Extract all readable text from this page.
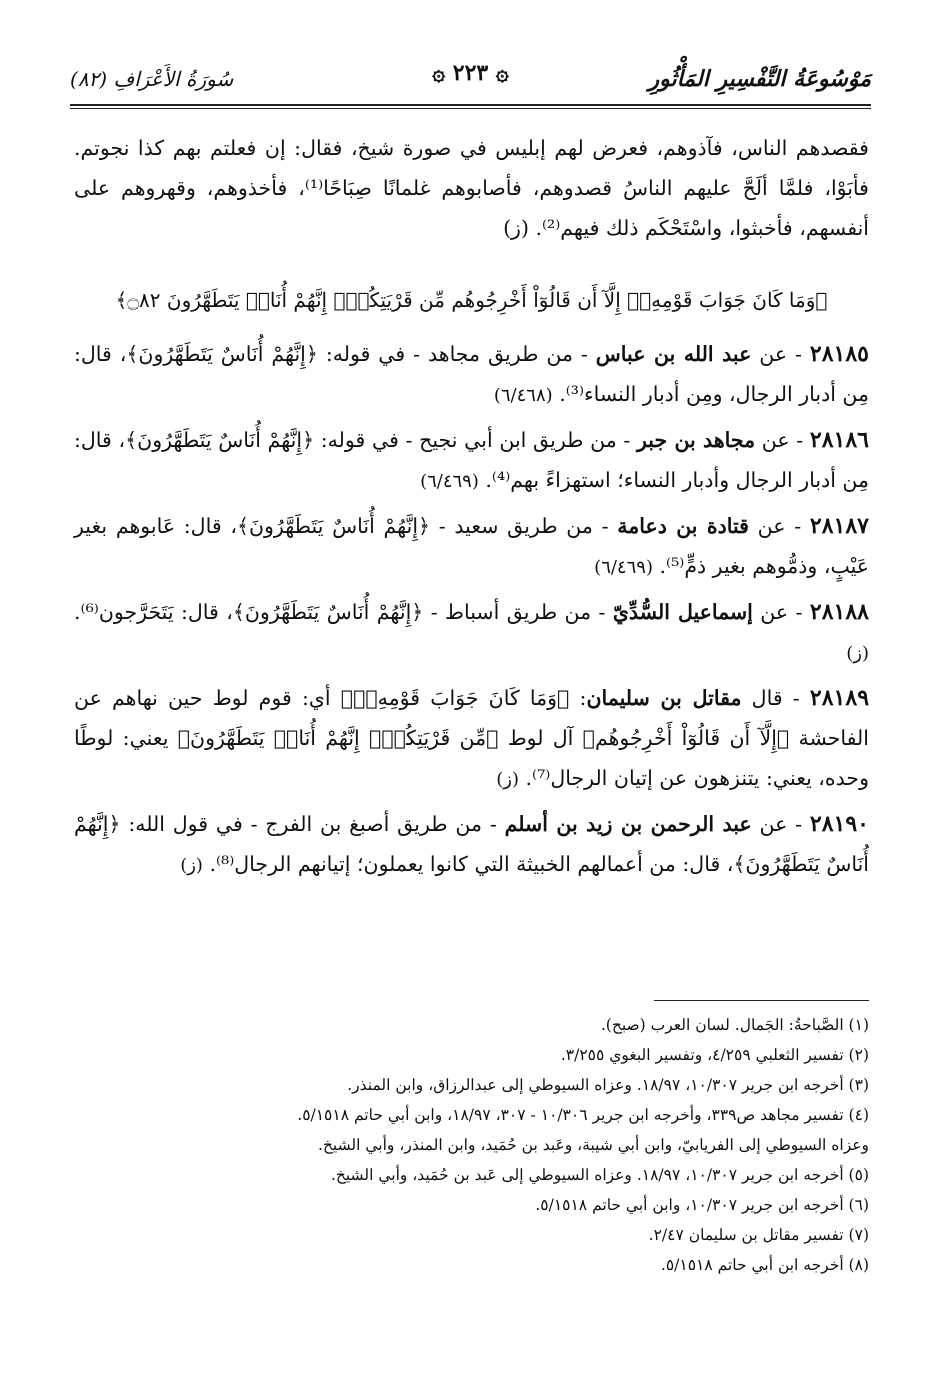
مَوْسُوعَةُ التَّفْسِيرِ المَأْثُورِ
۞ ٢٢٣ ۞
سُورَةُ الأَعْرَافِ (٨٢)

فقصدهم الناس، فآذوهم، فعرض لهم إبليس في صورة شيخ، فقال: إن فعلتم بهم كذا نجوتم. فأبَوْا، فلمَّا ألَحَّ عليهم الناسُ قصدوهم، فأصابوهم غلمانًا صِبَاحًا⁽¹⁾، فأخذوهم، وقهروهم على أنفسهم، فأخبثوا، واسْتَحْكَم ذلك فيهم⁽²⁾. (ز)

﴿وَمَا كَانَ جَوَابَ قَوْمِهِۦٓ إِلَّآ أَن قَالُوٓاْ أَخْرِجُوهُم مِّن قَرْيَتِكُمْۖ إِنَّهُمْ أُنَاسٞ يَتَطَهَّرُونَ ۝٨٢﴾

٢٨١٨٥ - عن عبد الله بن عباس - من طريق مجاهد - في قوله: ﴿إِنَّهُمْ أُنَاسٌ يَتَطَهَّرُونَ﴾، قال: مِن أدبار الرجال، ومِن أدبار النساء⁽³⁾. (٦/٤٦٨)

٢٨١٨٦ - عن مجاهد بن جبر - من طريق ابن أبي نجيح - في قوله: ﴿إِنَّهُمْ أُنَاسٌ يَتَطَهَّرُونَ﴾، قال: مِن أدبار الرجال وأدبار النساء؛ استهزاءً بهم⁽⁴⁾. (٦/٤٦٩)

٢٨١٨٧ - عن قتادة بن دعامة - من طريق سعيد - ﴿إِنَّهُمْ أُنَاسٌ يَتَطَهَّرُونَ﴾، قال: عَابوهم بغير عَيْبٍ، وذمُّوهم بغير ذمٍّ⁽⁵⁾. (٦/٤٦٩)

٢٨١٨٨ - عن إسماعيل السُّدِّيّ - من طريق أسباط - ﴿إِنَّهُمْ أُنَاسٌ يَتَطَهَّرُونَ﴾، قال: يَتَحَرَّجون⁽⁶⁾. (ز)

٢٨١٨٩ - قال مقاتل بن سليمان: ﴿وَمَا كَانَ جَوَابَ قَوْمِهِۦٓ﴾ أي: قوم لوط حين نهاهم عن الفاحشة ﴿إِلَّآ أَن قَالُوٓاْ أَخْرِجُوهُم﴾ آل لوط ﴿مِّن قَرْيَتِكُمْۖ إِنَّهُمْ أُنَاسٞ يَتَطَهَّرُونَ﴾ يعني: لوطًا وحده، يعني: يتنزهون عن إتيان الرجال⁽⁷⁾. (ز)

٢٨١٩٠ - عن عبد الرحمن بن زيد بن أسلم - من طريق أصبغ بن الفرج - في قول الله: ﴿إِنَّهُمْ أُنَاسٌ يَتَطَهَّرُونَ﴾، قال: من أعمالهم الخبيثة التي كانوا يعملون؛ إتيانهم الرجال⁽⁸⁾. (ز)

(١) الصَّباحةُ: الجَمال. لسان العرب (صبح).

(٢) تفسير الثعلبي ٤/٢٥٩، وتفسير البغوي ٣/٢٥٥.

(٣) أخرجه ابن جرير ١٠/٣٠٧، ١٨/٩٧. وعزاه السيوطي إلى عبدالرزاق، وابن المنذر.

(٤) تفسير مجاهد ص٣٣٩، وأخرجه ابن جرير ١٠/٣٠٦ - ٣٠٧، ١٨/٩٧، وابن أبي حاتم ٥/١٥١٨.

وعزاه السيوطي إلى الفريابيّ، وابن أبي شيبة، وعَبد بن حُمَيد، وابن المنذر، وأبي الشيخ.

(٥) أخرجه ابن جرير ١٠/٣٠٧، ١٨/٩٧. وعزاه السيوطي إلى عَبد بن حُمَيد، وأبي الشيخ.

(٦) أخرجه ابن جرير ١٠/٣٠٧، وابن أبي حاتم ٥/١٥١٨.

(٧) تفسير مقاتل بن سليمان ٢/٤٧.

(٨) أخرجه ابن أبي حاتم ٥/١٥١٨.
